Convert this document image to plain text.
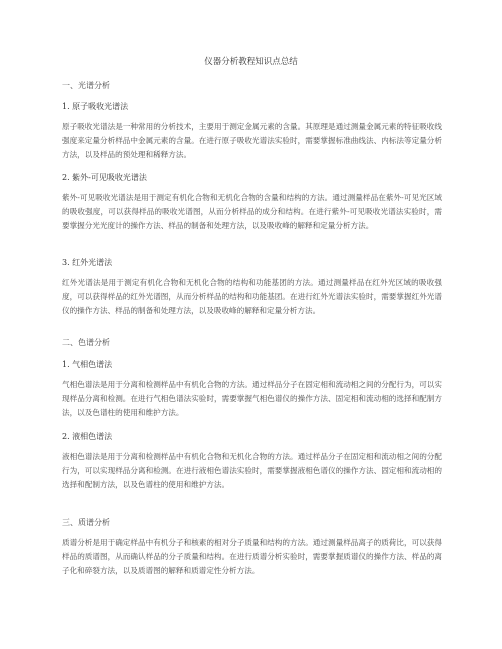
仪器分析教程知识点总结
一、光谱分析
1. 原子吸收光谱法
原子吸收光谱法是一种常用的分析技术，主要用于测定金属元素的含量。其原理是通过测量金属元素的特征吸收线强度来定量分析样品中金属元素的含量。在进行原子吸收光谱法实验时，需要掌握标准曲线法、内标法等定量分析方法，以及样品的预处理和稀释方法。
2. 紫外-可见吸收光谱法
紫外-可见吸收光谱法是用于测定有机化合物和无机化合物的含量和结构的方法。通过测量样品在紫外-可见光区域的吸收强度，可以获得样品的吸收光谱图，从而分析样品的成分和结构。在进行紫外-可见吸收光谱法实验时，需要掌握分光光度计的操作方法、样品的制备和处理方法，以及吸收峰的解释和定量分析方法。
3. 红外光谱法
红外光谱法是用于测定有机化合物和无机化合物的结构和功能基团的方法。通过测量样品在红外光区域的吸收强度，可以获得样品的红外光谱图，从而分析样品的结构和功能基团。在进行红外光谱法实验时，需要掌握红外光谱仪的操作方法、样品的制备和处理方法，以及吸收峰的解释和定量分析方法。
二、色谱分析
1. 气相色谱法
气相色谱法是用于分离和检测样品中有机化合物的方法。通过样品分子在固定相和流动相之间的分配行为，可以实现样品分离和检测。在进行气相色谱法实验时，需要掌握气相色谱仪的操作方法、固定相和流动相的选择和配制方法，以及色谱柱的使用和维护方法。
2. 液相色谱法
液相色谱法是用于分离和检测样品中有机化合物和无机化合物的方法。通过样品分子在固定相和流动相之间的分配行为，可以实现样品分离和检测。在进行液相色谱法实验时，需要掌握液相色谱仪的操作方法、固定相和流动相的选择和配制方法，以及色谱柱的使用和维护方法。
三、质谱分析
质谱分析是用于确定样品中有机分子和核素的相对分子质量和结构的方法。通过测量样品离子的质荷比，可以获得样品的质谱图，从而确认样品的分子质量和结构。在进行质谱分析实验时，需要掌握质谱仪的操作方法、样品的离子化和碎裂方法，以及质谱图的解释和质谱定性分析方法。
